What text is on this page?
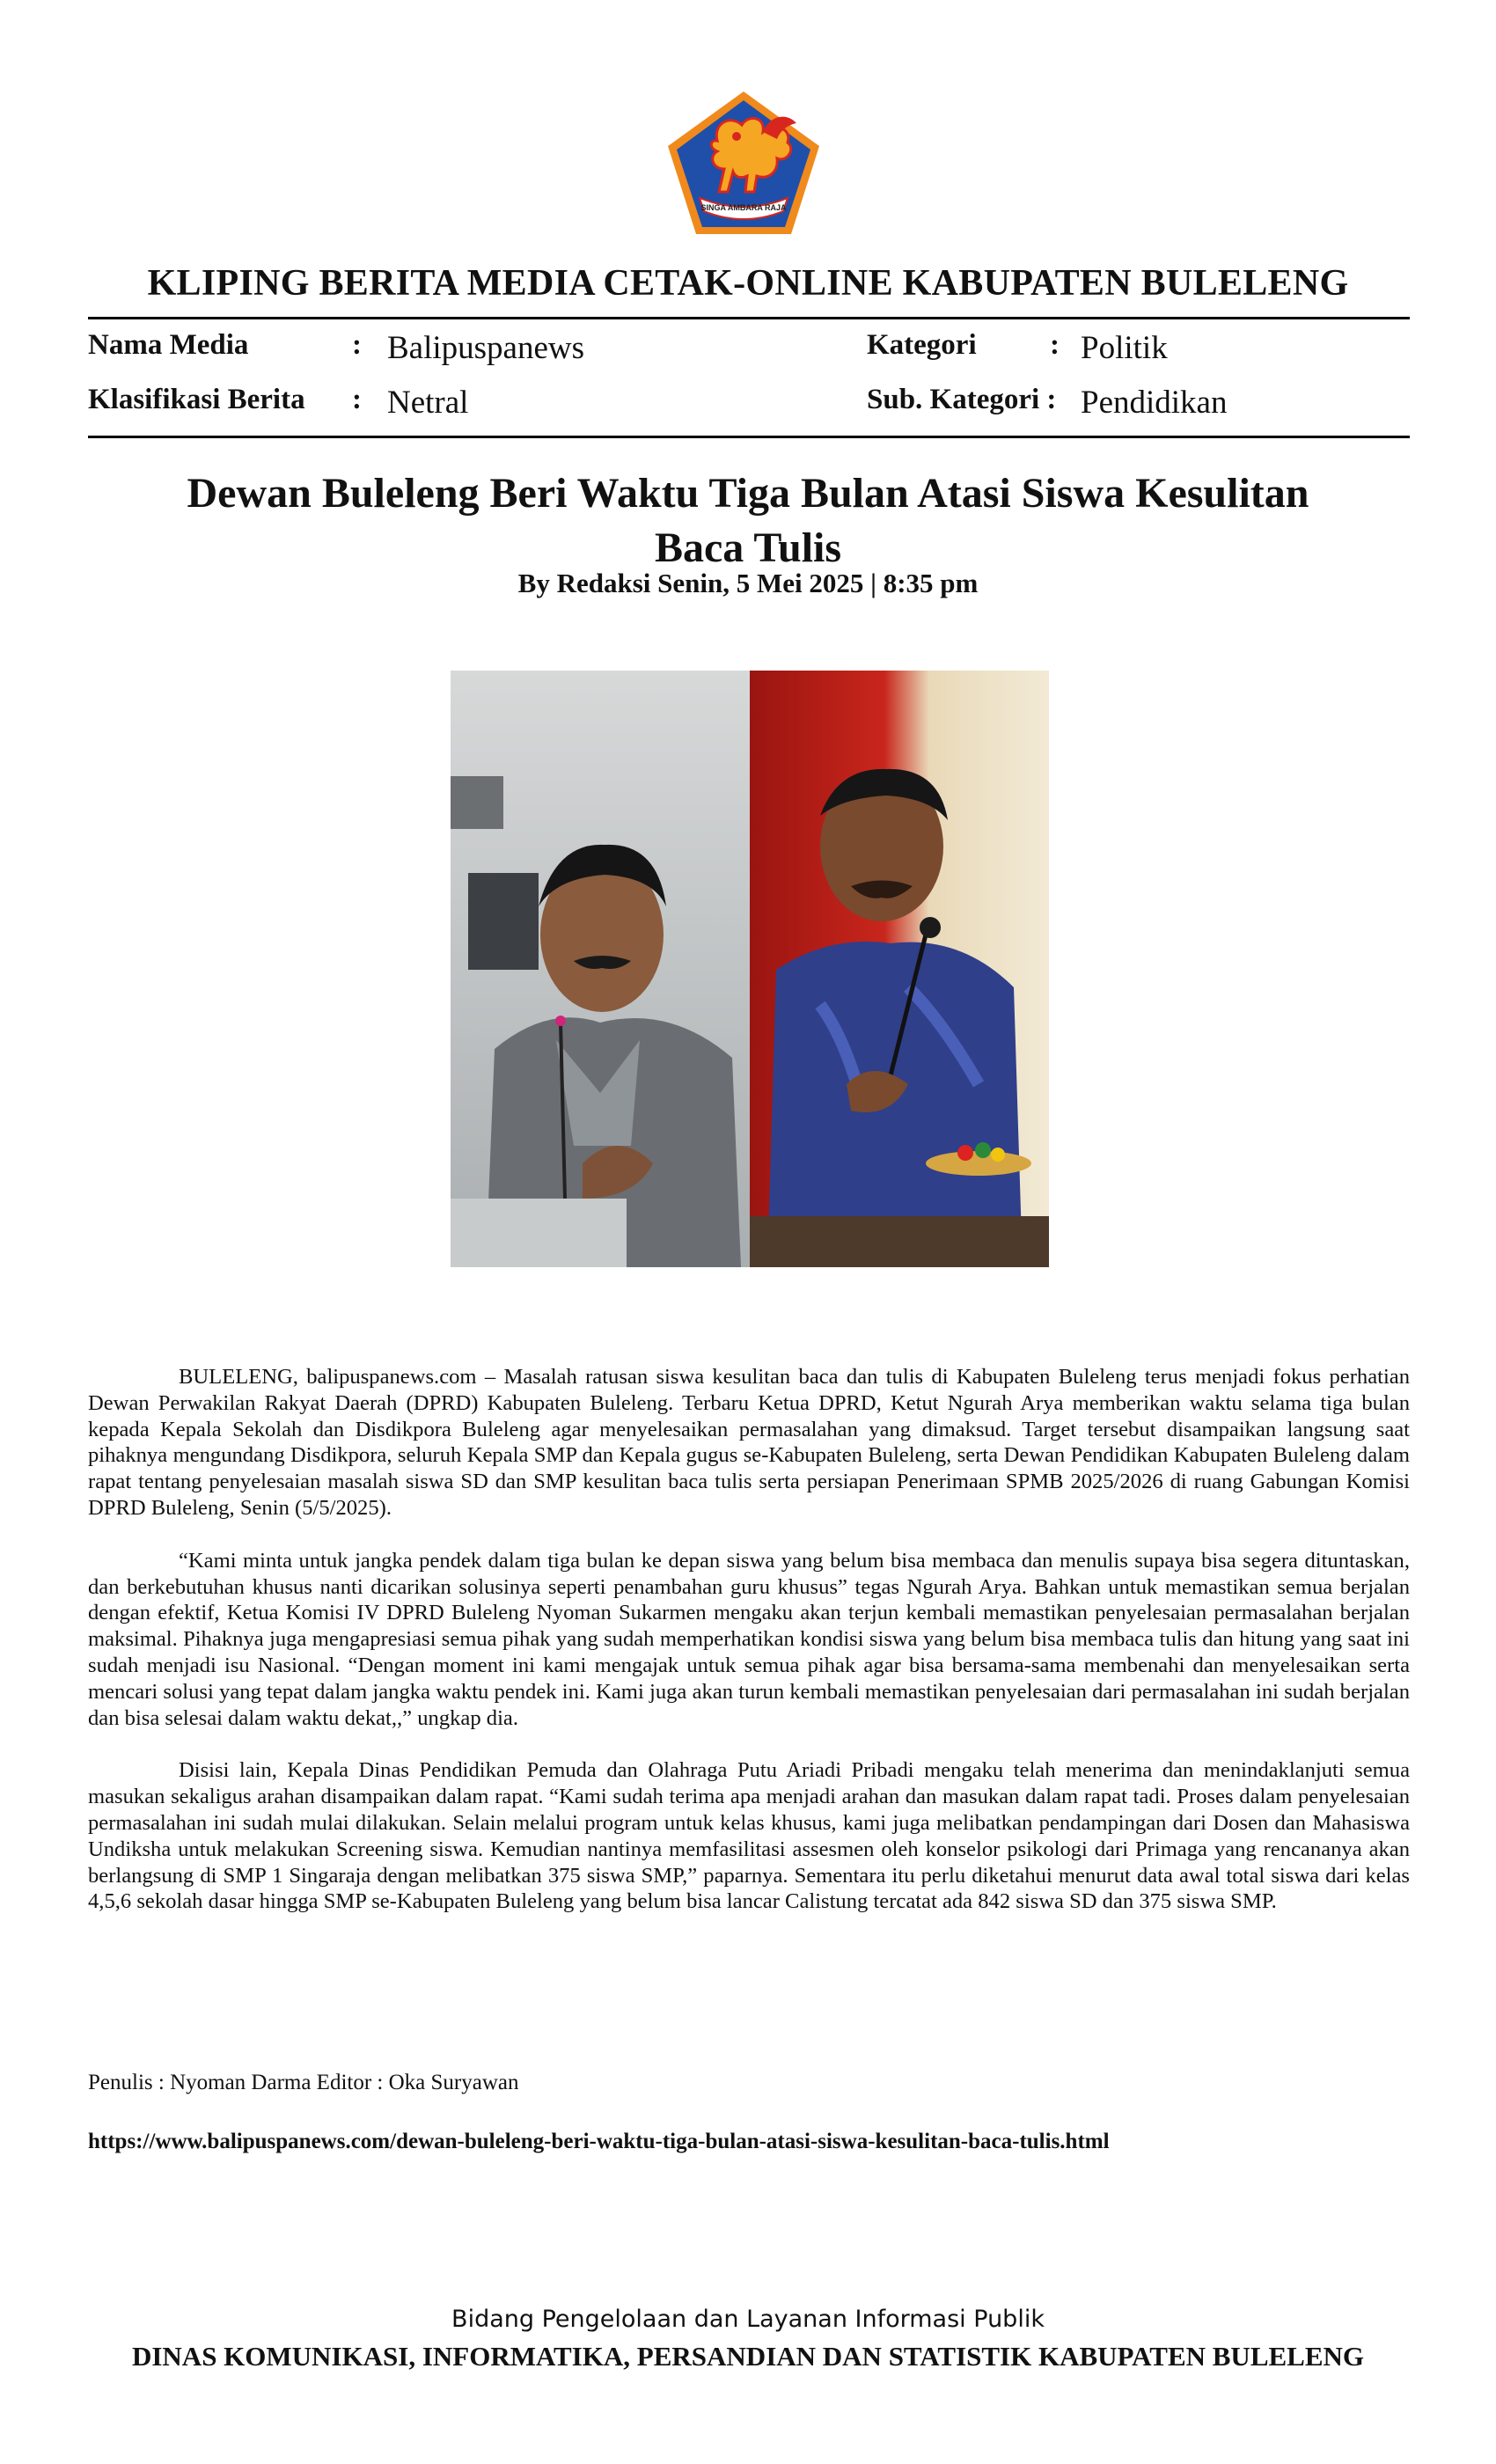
SINGA AMBARA RAJA
KLIPING BERITA MEDIA CETAK-ONLINE KABUPATEN BULELENG
Nama Media	: Balipuspanews
Klasifikasi Berita : Netral
Kategori	: Politik
Sub. Kategori : Pendidikan
Dewan Buleleng Beri Waktu Tiga Bulan Atasi Siswa Kesulitan
Baca Tulis
By Redaksi Senin, 5 Mei 2025 | 8:35 pm

BULELENG, balipuspanews.com – Masalah ratusan siswa kesulitan baca dan tulis di Kabupaten Buleleng terus menjadi fokus perhatian Dewan Perwakilan Rakyat Daerah (DPRD) Kabupaten Buleleng. Terbaru Ketua DPRD, Ketut Ngurah Arya memberikan waktu selama tiga bulan kepada Kepala Sekolah dan Disdikpora Buleleng agar menyelesaikan permasalahan yang dimaksud. Target tersebut disampaikan langsung saat pihaknya mengundang Disdikpora, seluruh Kepala SMP dan Kepala gugus se-Kabupaten Buleleng, serta Dewan Pendidikan Kabupaten Buleleng dalam rapat tentang penyelesaian masalah siswa SD dan SMP kesulitan baca tulis serta persiapan Penerimaan SPMB 2025/2026 di ruang Gabungan Komisi DPRD Buleleng, Senin (5/5/2025).

“Kami minta untuk jangka pendek dalam tiga bulan ke depan siswa yang belum bisa membaca dan menulis supaya bisa segera dituntaskan, dan berkebutuhan khusus nanti dicarikan solusinya seperti penambahan guru khusus” tegas Ngurah Arya. Bahkan untuk memastikan semua berjalan dengan efektif, Ketua Komisi IV DPRD Buleleng Nyoman Sukarmen mengaku akan terjun kembali memastikan penyelesaian permasalahan berjalan maksimal. Pihaknya juga mengapresiasi semua pihak yang sudah memperhatikan kondisi siswa yang belum bisa membaca tulis dan hitung yang saat ini sudah menjadi isu Nasional. “Dengan moment ini kami mengajak untuk semua pihak agar bisa bersama-sama membenahi dan menyelesaikan serta mencari solusi yang tepat dalam jangka waktu pendek ini. Kami juga akan turun kembali memastikan penyelesaian dari permasalahan ini sudah berjalan dan bisa selesai dalam waktu dekat,,” ungkap dia.

Disisi lain, Kepala Dinas Pendidikan Pemuda dan Olahraga Putu Ariadi Pribadi mengaku telah menerima dan menindaklanjuti semua masukan sekaligus arahan disampaikan dalam rapat. “Kami sudah terima apa menjadi arahan dan masukan dalam rapat tadi. Proses dalam penyelesaian permasalahan ini sudah mulai dilakukan. Selain melalui program untuk kelas khusus, kami juga melibatkan pendampingan dari Dosen dan Mahasiswa Undiksha untuk melakukan Screening siswa. Kemudian nantinya memfasilitasi assesmen oleh konselor psikologi dari Primaga yang rencananya akan berlangsung di SMP 1 Singaraja dengan melibatkan 375 siswa SMP,” paparnya. Sementara itu perlu diketahui menurut data awal total siswa dari kelas 4,5,6 sekolah dasar hingga SMP se-Kabupaten Buleleng yang belum bisa lancar Calistung tercatat ada 842 siswa SD dan 375 siswa SMP.

Penulis : Nyoman Darma Editor : Oka Suryawan
https://www.balipuspanews.com/dewan-buleleng-beri-waktu-tiga-bulan-atasi-siswa-kesulitan-baca-tulis.html
Bidang Pengelolaan dan Layanan Informasi Publik
DINAS KOMUNIKASI, INFORMATIKA, PERSANDIAN DAN STATISTIK KABUPATEN BULELENG
